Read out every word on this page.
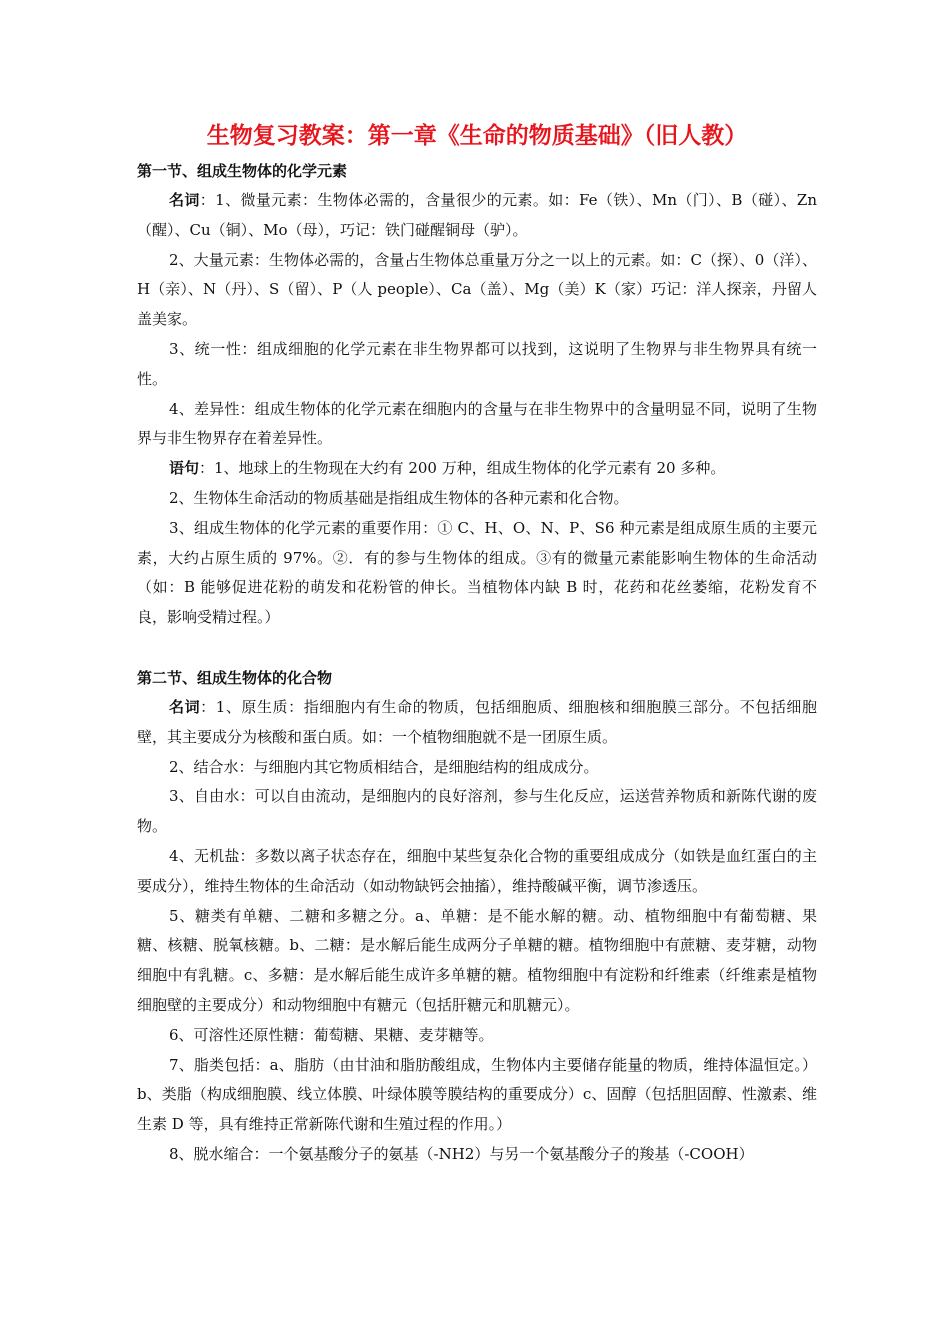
生物复习教案：第一章《生命的物质基础》（旧人教）
第一节、组成生物体的化学元素

名词：1、微量元素：生物体必需的，含量很少的元素。如：Fe（铁）、Mn（门）、B（碰）、Zn（醒）、Cu（铜）、Mo（母），巧记：铁门碰醒铜母（驴）。

2、大量元素：生物体必需的，含量占生物体总重量万分之一以上的元素。如：C（探）、0（洋）、H（亲）、N（丹）、S（留）、P（人 people）、Ca（盖）、Mg（美）K（家）巧记：洋人探亲，丹留人盖美家。

3、统一性：组成细胞的化学元素在非生物界都可以找到，这说明了生物界与非生物界具有统一性。

4、差异性：组成生物体的化学元素在细胞内的含量与在非生物界中的含量明显不同，说明了生物界与非生物界存在着差异性。

语句：1、地球上的生物现在大约有 200 万种，组成生物体的化学元素有 20 多种。

2、生物体生命活动的物质基础是指组成生物体的各种元素和化合物。

3、组成生物体的化学元素的重要作用：① C、H、O、N、P、S6 种元素是组成原生质的主要元素，大约占原生质的 97%。②．有的参与生物体的组成。③有的微量元素能影响生物体的生命活动（如：B 能够促进花粉的萌发和花粉管的伸长。当植物体内缺 B 时，花药和花丝萎缩，花粉发育不良，影响受精过程。）

第二节、组成生物体的化合物

名词：1、原生质：指细胞内有生命的物质，包括细胞质、细胞核和细胞膜三部分。不包括细胞壁，其主要成分为核酸和蛋白质。如：一个植物细胞就不是一团原生质。

2、结合水：与细胞内其它物质相结合，是细胞结构的组成成分。

3、自由水：可以自由流动，是细胞内的良好溶剂，参与生化反应，运送营养物质和新陈代谢的废物。

4、无机盐：多数以离子状态存在，细胞中某些复杂化合物的重要组成成分（如铁是血红蛋白的主要成分），维持生物体的生命活动（如动物缺钙会抽搐），维持酸碱平衡，调节渗透压。

5、糖类有单糖、二糖和多糖之分。a、单糖：是不能水解的糖。动、植物细胞中有葡萄糖、果糖、核糖、脱氧核糖。b、二糖：是水解后能生成两分子单糖的糖。植物细胞中有蔗糖、麦芽糖，动物细胞中有乳糖。c、多糖：是水解后能生成许多单糖的糖。植物细胞中有淀粉和纤维素（纤维素是植物细胞壁的主要成分）和动物细胞中有糖元（包括肝糖元和肌糖元）。

6、可溶性还原性糖：葡萄糖、果糖、麦芽糖等。

7、脂类包括：a、脂肪（由甘油和脂肪酸组成，生物体内主要储存能量的物质，维持体温恒定。）b、类脂（构成细胞膜、线立体膜、叶绿体膜等膜结构的重要成分）c、固醇（包括胆固醇、性激素、维生素 D 等，具有维持正常新陈代谢和生殖过程的作用。）

8、脱水缩合：一个氨基酸分子的氨基（-NH2）与另一个氨基酸分子的羧基（-COOH）
